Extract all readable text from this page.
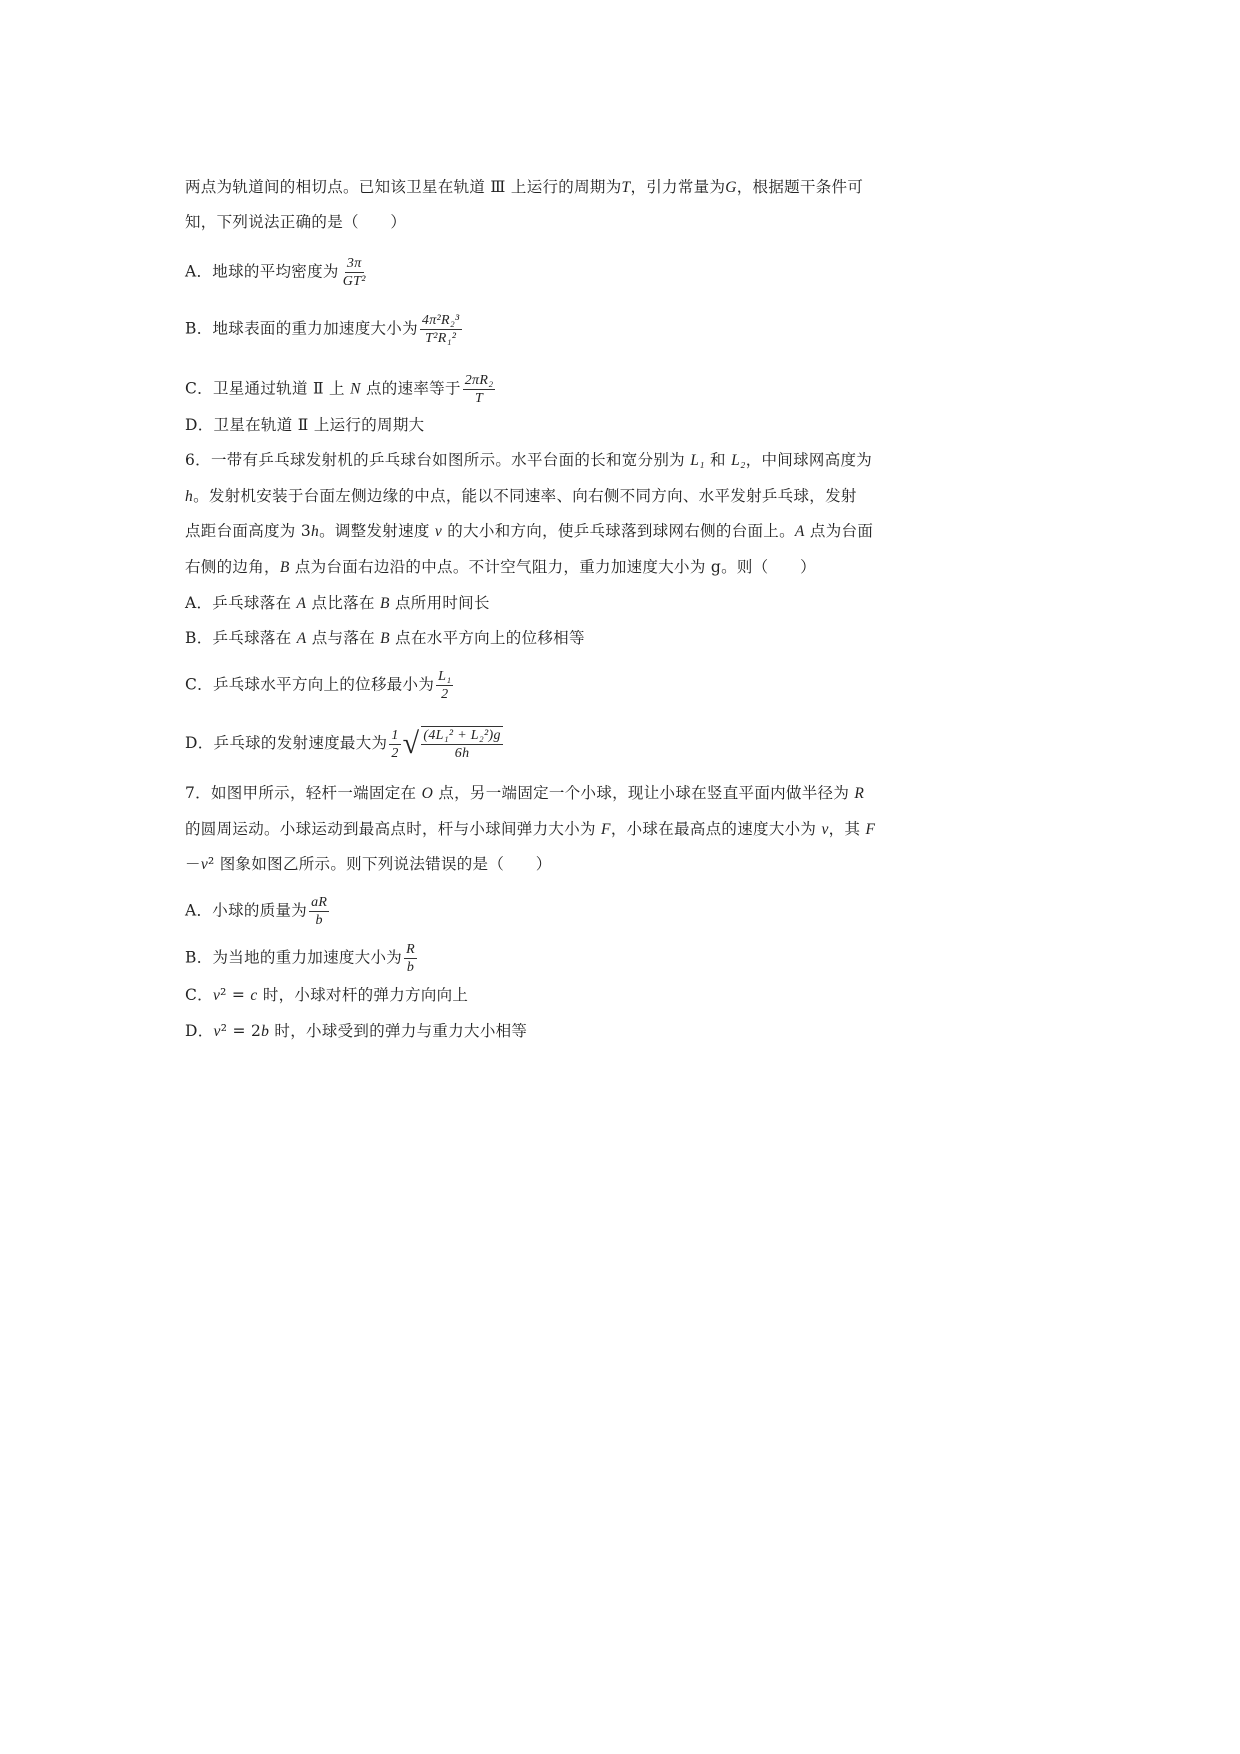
两点为轨道间的相切点。已知该卫星在轨道 Ⅲ 上运行的周期为T，引力常量为G，根据题干条件可
知，下列说法正确的是（　　）
A．地球的平均密度为 $\frac{3\pi}{\text{GT²}}$
B．地球表面的重力加速度大小为 $\frac{\text{4π²R₂³}}{\text{T²R₁²}}$
C．卫星通过轨道 Ⅱ 上 N 点的速率等于 $\frac{\text{2πR₂}}{T}$
D．卫星在轨道 Ⅱ 上运行的周期大
6．一带有乒乓球发射机的乒乓球台如图所示。水平台面的长和宽分别为 L₁ 和 L₂，中间球网高度为
h。发射机安装于台面左侧边缘的中点，能以不同速率、向右侧不同方向、水平发射乒乓球，发射
点距台面高度为 3h。调整发射速度 v 的大小和方向，使乒乓球落到球网右侧的台面上。A 点为台面
右侧的边角，B 点为台面右边沿的中点。不计空气阻力，重力加速度大小为 g。则（　　）
A．乒乓球落在 A 点比落在 B 点所用时间长
B．乒乓球落在 A 点与落在 B 点在水平方向上的位移相等
C．乒乓球水平方向上的位移最小为 $\frac{\text{L₁}}{2}$
D．乒乓球的发射速度最大为 $\frac{1}{2}$ √ $\frac{\text{(4L₁² + L₂²)g}}{6h}$
7．如图甲所示，轻杆一端固定在 O 点，另一端固定一个小球，现让小球在竖直平面内做半径为 R
的圆周运动。小球运动到最高点时，杆与小球间弹力大小为 F，小球在最高点的速度大小为 v，其 F
－v² 图象如图乙所示。则下列说法错误的是（　　）
A．小球的质量为 $\frac{aR}{b}$
B．为当地的重力加速度大小为 $\frac{R}{b}$
C．v² = c 时，小球对杆的弹力方向向上
D．v² = 2b 时，小球受到的弹力与重力大小相等
Ⅲ
Ⅱ
I
M	N
发射点	球网
3h
A
B
L₁
L₂
R
O
甲
F
a
O	b c v²
乙
